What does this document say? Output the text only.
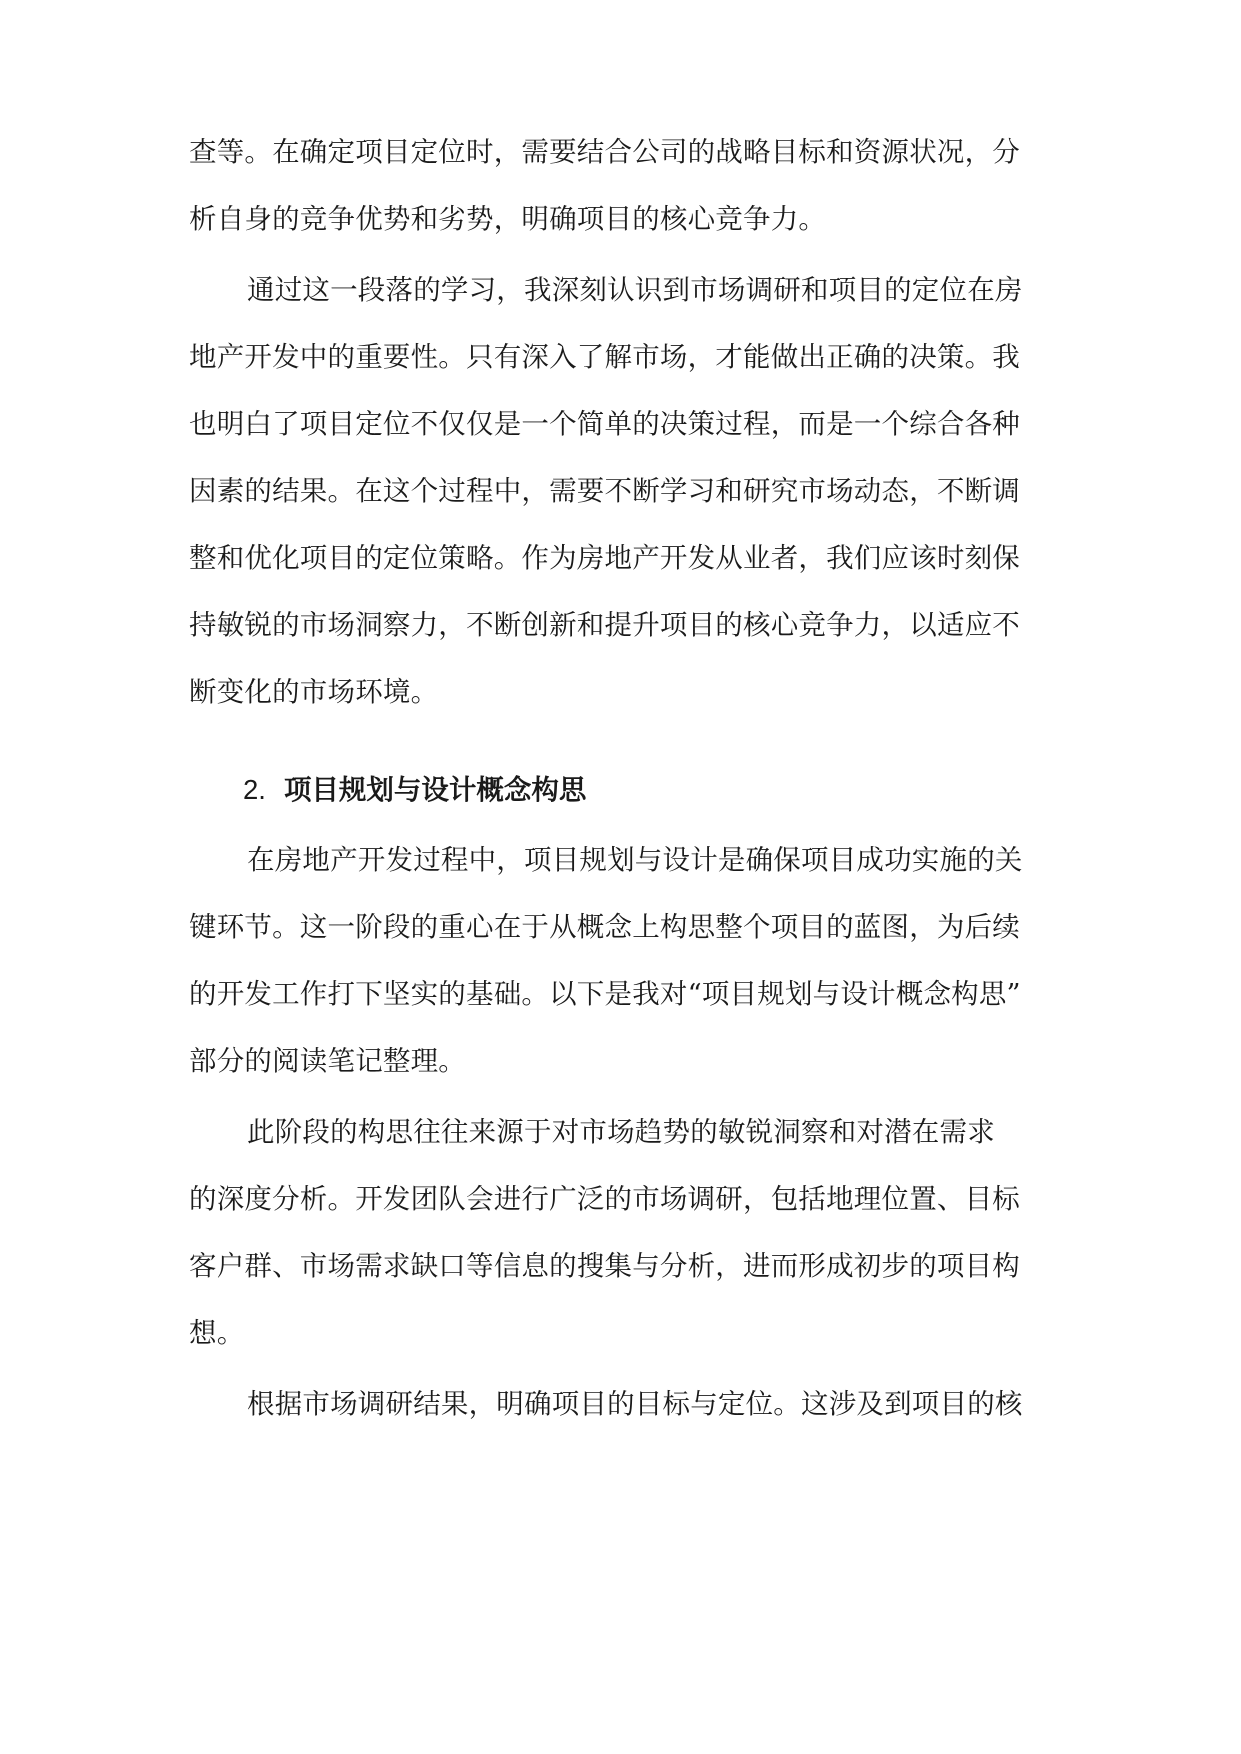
查等。在确定项目定位时，需要结合公司的战略目标和资源状况，分
析自身的竞争优势和劣势，明确项目的核心竞争力。
通过这一段落的学习，我深刻认识到市场调研和项目的定位在房
地产开发中的重要性。只有深入了解市场，才能做出正确的决策。我
也明白了项目定位不仅仅是一个简单的决策过程，而是一个综合各种
因素的结果。在这个过程中，需要不断学习和研究市场动态，不断调
整和优化项目的定位策略。作为房地产开发从业者，我们应该时刻保
持敏锐的市场洞察力，不断创新和提升项目的核心竞争力，以适应不
断变化的市场环境。
2. 项目规划与设计概念构思
在房地产开发过程中，项目规划与设计是确保项目成功实施的关
键环节。这一阶段的重心在于从概念上构思整个项目的蓝图，为后续
的开发工作打下坚实的基础。以下是我对“项目规划与设计概念构思”
部分的阅读笔记整理。
此阶段的构思往往来源于对市场趋势的敏锐洞察和对潜在需求
的深度分析。开发团队会进行广泛的市场调研，包括地理位置、目标
客户群、市场需求缺口等信息的搜集与分析，进而形成初步的项目构
想。
根据市场调研结果，明确项目的目标与定位。这涉及到项目的核
